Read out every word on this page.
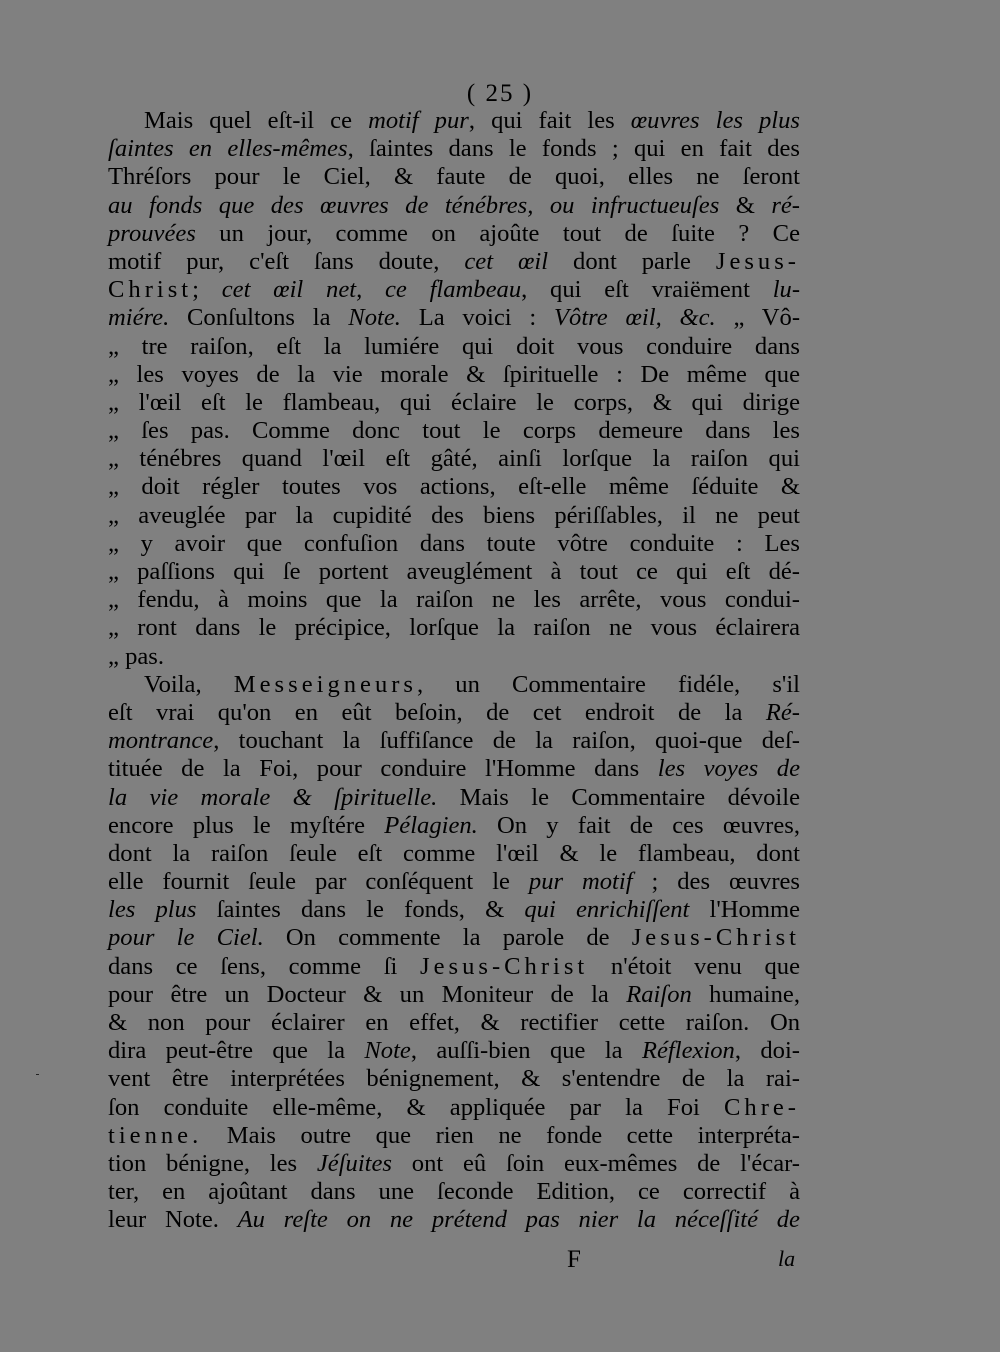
( 25 )
Mais quel eſt-il ce motif pur, qui fait les œuvres les plus
ſaintes en elles-mêmes, ſaintes dans le fonds ; qui en fait des
Thréſors pour le Ciel, & faute de quoi, elles ne ſeront
au fonds que des œuvres de ténébres, ou infructueuſes & ré-
prouvées un jour, comme on ajoûte tout de ſuite ? Ce
motif pur, c'eſt ſans doute, cet œil dont parle Jesus-
Christ; cet œil net, ce flambeau, qui eſt vraiëment lu-
miére. Conſultons la Note. La voici : Vôtre œil, &c. „ Vô-
„ tre raiſon, eſt la lumiére qui doit vous conduire dans
„ les voyes de la vie morale & ſpirituelle : De même que
„ l'œil eſt le flambeau, qui éclaire le corps, & qui dirige
„ ſes pas. Comme donc tout le corps demeure dans les
„ ténébres quand l'œil eſt gâté, ainſi lorſque la raiſon qui
„ doit régler toutes vos actions, eſt-elle même ſéduite &
„ aveuglée par la cupidité des biens périſſables, il ne peut
„ y avoir que confuſion dans toute vôtre conduite : Les
„ paſſions qui ſe portent aveuglément à tout ce qui eſt dé-
„ fendu, à moins que la raiſon ne les arrête, vous condui-
„ ront dans le précipice, lorſque la raiſon ne vous éclairera
„ pas.
Voila, Messeigneurs, un Commentaire fidéle, s'il
eſt vrai qu'on en eût beſoin, de cet endroit de la Ré-
montrance, touchant la ſuffiſance de la raiſon, quoi-que deſ-
tituée de la Foi, pour conduire l'Homme dans les voyes de
la vie morale & ſpirituelle. Mais le Commentaire dévoile
encore plus le myſtére Pélagien. On y fait de ces œuvres,
dont la raiſon ſeule eſt comme l'œil & le flambeau, dont
elle fournit ſeule par conſéquent le pur motif ; des œuvres
les plus ſaintes dans le fonds, & qui enrichiſſent l'Homme
pour le Ciel. On commente la parole de Jesus-Christ
dans ce ſens, comme ſi Jesus-Christ n'étoit venu que
pour être un Docteur & un Moniteur de la Raiſon humaine,
& non pour éclairer en effet, & rectifier cette raiſon. On
dira peut-être que la Note, auſſi-bien que la Réflexion, doi-
vent être interprétées bénignement, & s'entendre de la rai-
ſon conduite elle-même, & appliquée par la Foi Chre-
tienne. Mais outre que rien ne fonde cette interpréta-
tion bénigne, les Jéſuites ont eû ſoin eux-mêmes de l'écar-
ter, en ajoûtant dans une ſeconde Edition, ce correctif à
leur Note. Au reſte on ne prétend pas nier la néceſſité de
F	la
